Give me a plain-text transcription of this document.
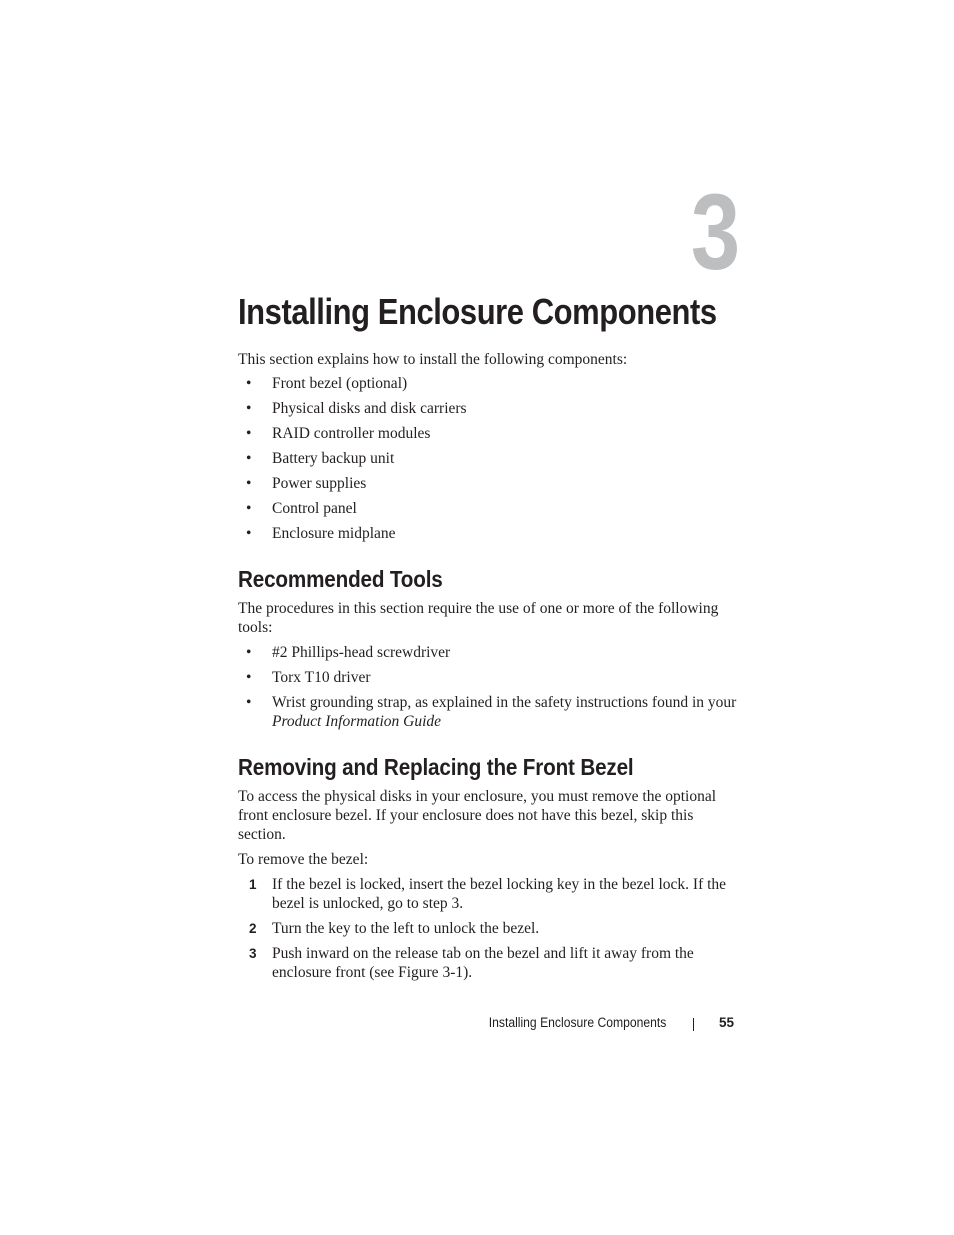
3
Installing Enclosure Components

This section explains how to install the following components:

• Front bezel (optional)
• Physical disks and disk carriers
• RAID controller modules
• Battery backup unit
• Power supplies
• Control panel
• Enclosure midplane
Recommended Tools

The procedures in this section require the use of one or more of the following tools:

• #2 Phillips-head screwdriver
• Torx T10 driver
• Wrist grounding strap, as explained in the safety instructions found in your Product Information Guide
Removing and Replacing the Front Bezel

To access the physical disks in your enclosure, you must remove the optional front enclosure bezel. If your enclosure does not have this bezel, skip this section.

To remove the bezel:

1 If the bezel is locked, insert the bezel locking key in the bezel lock. If the bezel is unlocked, go to step 3.
2 Turn the key to the left to unlock the bezel.
3 Push inward on the release tab on the bezel and lift it away from the enclosure front (see Figure 3-1).
Installing Enclosure Components	55
